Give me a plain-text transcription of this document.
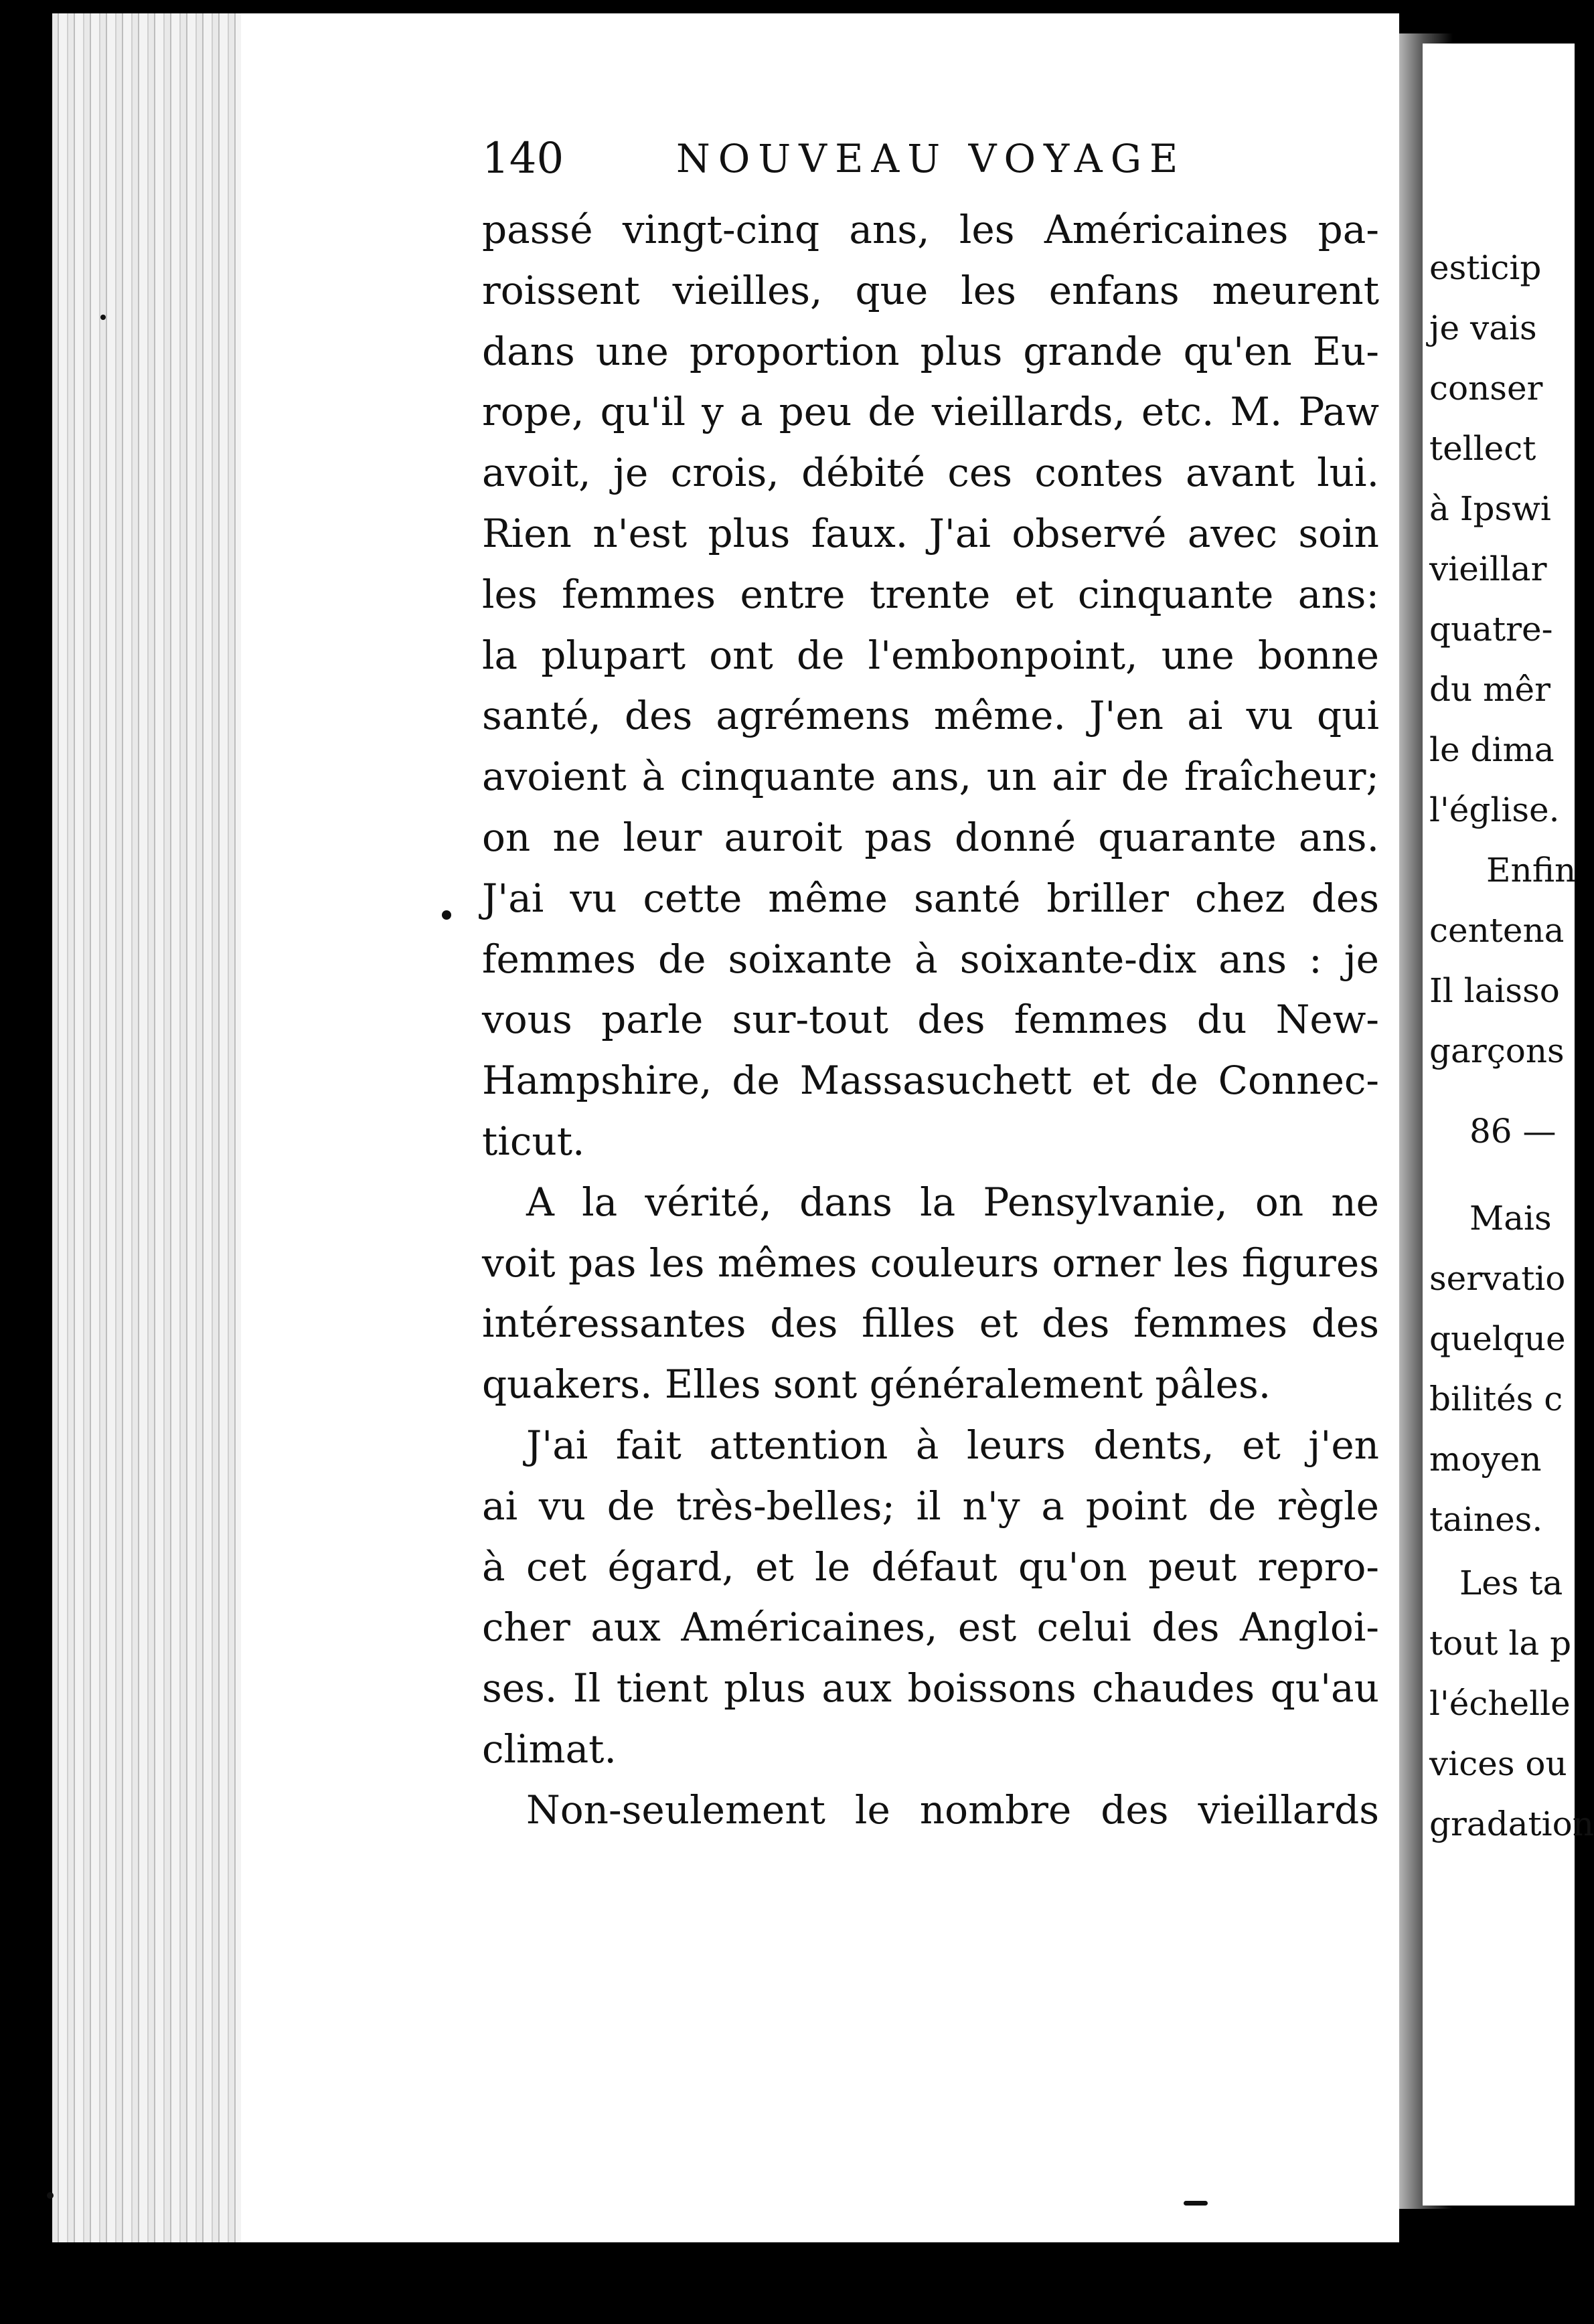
esticip
je vais
conser
tellect
à Ipswi
vieillar
quatre-
du mêr
le dima
l'église.
Enfin
centena
Il laisso
garçons
86 —
Mais
servatio
quelque
bilités c
moyen
taines.
Les ta
tout la p
l'échelle
vices ou
gradation
140	NOUVEAU VOYAGE
passé vingt-cinq ans, les Américaines pa-
roissent vieilles, que les enfans meurent
dans une proportion plus grande qu'en Eu-
rope, qu'il y a peu de vieillards, etc. M. Paw
avoit, je crois, débité ces contes avant lui.
Rien n'est plus faux. J'ai observé avec soin
les femmes entre trente et cinquante ans:
la plupart ont de l'embonpoint, une bonne
santé, des agrémens même. J'en ai vu qui
avoient à cinquante ans, un air de fraîcheur;
on ne leur auroit pas donné quarante ans.
J'ai vu cette même santé briller chez des
femmes de soixante à soixante-dix ans : je
vous parle sur-tout des femmes du New-
Hampshire, de Massasuchett et de Connec-
ticut.
A la vérité, dans la Pensylvanie, on ne
voit pas les mêmes couleurs orner les figures
intéressantes des filles et des femmes des
quakers. Elles sont généralement pâles.
J'ai fait attention à leurs dents, et j'en
ai vu de très-belles; il n'y a point de règle
à cet égard, et le défaut qu'on peut repro-
cher aux Américaines, est celui des Angloi-
ses. Il tient plus aux boissons chaudes qu'au
climat.
Non-seulement le nombre des vieillards
